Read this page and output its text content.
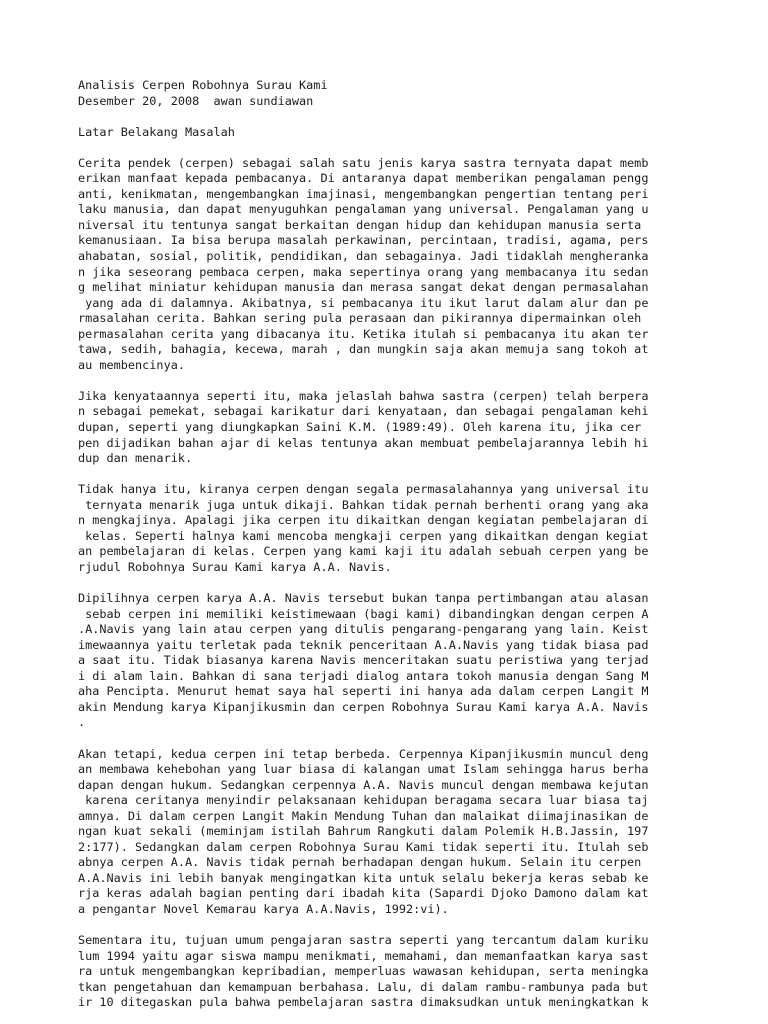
Analisis Cerpen Robohnya Surau Kami
Desember 20, 2008  awan sundiawan
Latar Belakang Masalah
Cerita pendek (cerpen) sebagai salah satu jenis karya sastra ternyata dapat memb
erikan manfaat kepada pembacanya. Di antaranya dapat memberikan pengalaman pengg
anti, kenikmatan, mengembangkan imajinasi, mengembangkan pengertian tentang peri
laku manusia, dan dapat menyuguhkan pengalaman yang universal. Pengalaman yang u
niversal itu tentunya sangat berkaitan dengan hidup dan kehidupan manusia serta
kemanusiaan. Ia bisa berupa masalah perkawinan, percintaan, tradisi, agama, pers
ahabatan, sosial, politik, pendidikan, dan sebagainya. Jadi tidaklah mengheranka
n jika seseorang pembaca cerpen, maka sepertinya orang yang membacanya itu sedan
g melihat miniatur kehidupan manusia dan merasa sangat dekat dengan permasalahan
yang ada di dalamnya. Akibatnya, si pembacanya itu ikut larut dalam alur dan pe
rmasalahan cerita. Bahkan sering pula perasaan dan pikirannya dipermainkan oleh
permasalahan cerita yang dibacanya itu. Ketika itulah si pembacanya itu akan ter
tawa, sedih, bahagia, kecewa, marah , dan mungkin saja akan memuja sang tokoh at
au membencinya.
Jika kenyataannya seperti itu, maka jelaslah bahwa sastra (cerpen) telah berpera
n sebagai pemekat, sebagai karikatur dari kenyataan, dan sebagai pengalaman kehi
dupan, seperti yang diungkapkan Saini K.M. (1989:49). Oleh karena itu, jika cer
pen dijadikan bahan ajar di kelas tentunya akan membuat pembelajarannya lebih hi
dup dan menarik.
Tidak hanya itu, kiranya cerpen dengan segala permasalahannya yang universal itu
ternyata menarik juga untuk dikaji. Bahkan tidak pernah berhenti orang yang aka
n mengkajinya. Apalagi jika cerpen itu dikaitkan dengan kegiatan pembelajaran di
kelas. Seperti halnya kami mencoba mengkaji cerpen yang dikaitkan dengan kegiat
an pembelajaran di kelas. Cerpen yang kami kaji itu adalah sebuah cerpen yang be
rjudul Robohnya Surau Kami karya A.A. Navis.
Dipilihnya cerpen karya A.A. Navis tersebut bukan tanpa pertimbangan atau alasan
sebab cerpen ini memiliki keistimewaan (bagi kami) dibandingkan dengan cerpen A
.A.Navis yang lain atau cerpen yang ditulis pengarang-pengarang yang lain. Keist
imewaannya yaitu terletak pada teknik penceritaan A.A.Navis yang tidak biasa pad
a saat itu. Tidak biasanya karena Navis menceritakan suatu peristiwa yang terjad
i di alam lain. Bahkan di sana terjadi dialog antara tokoh manusia dengan Sang M
aha Pencipta. Menurut hemat saya hal seperti ini hanya ada dalam cerpen Langit M
akin Mendung karya Kipanjikusmin dan cerpen Robohnya Surau Kami karya A.A. Navis
.
Akan tetapi, kedua cerpen ini tetap berbeda. Cerpennya Kipanjikusmin muncul deng
an membawa kehebohan yang luar biasa di kalangan umat Islam sehingga harus berha
dapan dengan hukum. Sedangkan cerpennya A.A. Navis muncul dengan membawa kejutan
karena ceritanya menyindir pelaksanaan kehidupan beragama secara luar biasa taj
amnya. Di dalam cerpen Langit Makin Mendung Tuhan dan malaikat diimajinasikan de
ngan kuat sekali (meminjam istilah Bahrum Rangkuti dalam Polemik H.B.Jassin, 197
2:177). Sedangkan dalam cerpen Robohnya Surau Kami tidak seperti itu. Itulah seb
abnya cerpen A.A. Navis tidak pernah berhadapan dengan hukum. Selain itu cerpen
A.A.Navis ini lebih banyak mengingatkan kita untuk selalu bekerja keras sebab ke
rja keras adalah bagian penting dari ibadah kita (Sapardi Djoko Damono dalam kat
a pengantar Novel Kemarau karya A.A.Navis, 1992:vi).
Sementara itu, tujuan umum pengajaran sastra seperti yang tercantum dalam kuriku
lum 1994 yaitu agar siswa mampu menikmati, memahami, dan memanfaatkan karya sast
ra untuk mengembangkan kepribadian, memperluas wawasan kehidupan, serta meningka
tkan pengetahuan dan kemampuan berbahasa. Lalu, di dalam rambu-rambunya pada but
ir 10 ditegaskan pula bahwa pembelajaran sastra dimaksudkan untuk meningkatkan k
